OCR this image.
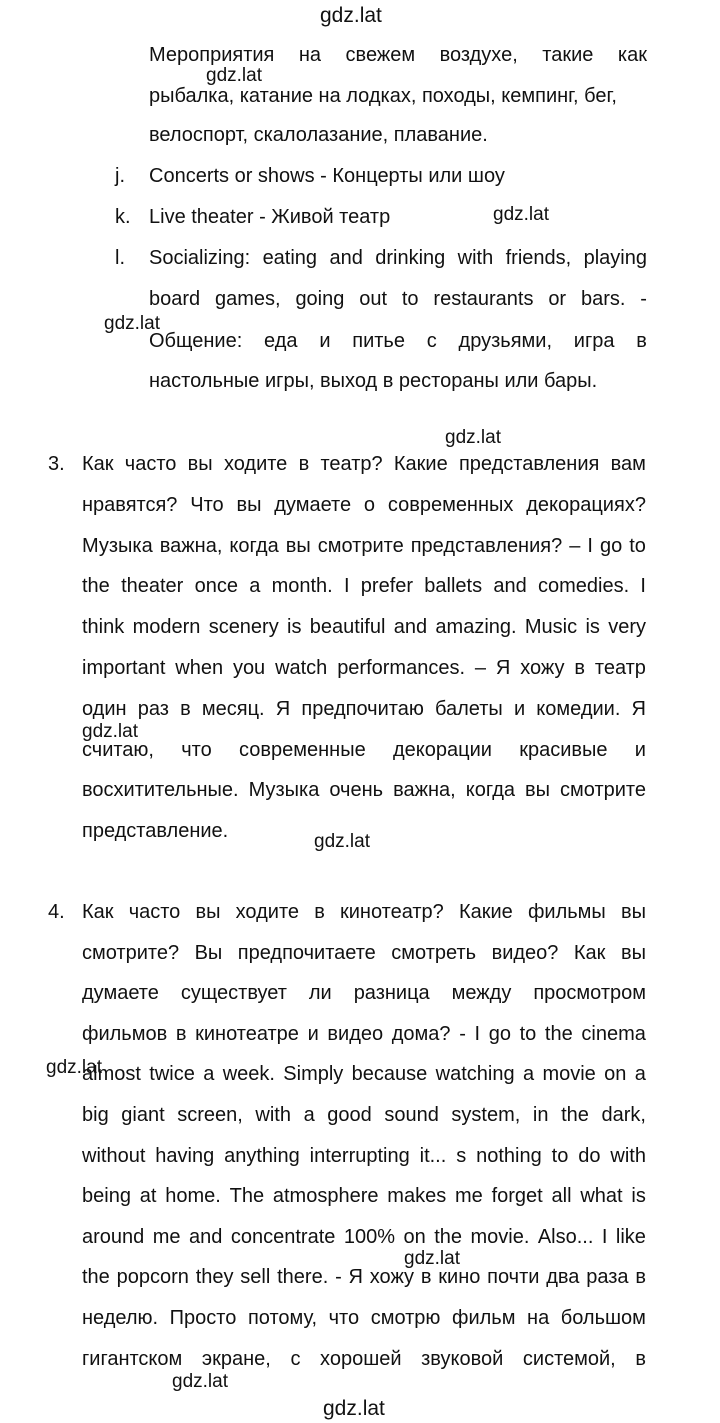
gdz.lat
gdz.lat
gdz.lat
gdz.lat
gdz.lat
gdz.lat
gdz.lat
gdz.lat
gdz.lat
gdz.lat
gdz.lat
Мероприятия на свежем воздухе, такие как
рыбалка, катание на лодках, походы, кемпинг, бег,
велоспорт, скалолазание, плавание.
j. Concerts or shows - Концерты или шоу
k. Live theater - Живой театр
l. Socializing: eating and drinking with friends, playing
board games, going out to restaurants or bars. -
Общение: еда и питье с друзьями, игра в
настольные игры, выход в рестораны или бары.
3. Как часто вы ходите в театр? Какие представления вам
нравятся? Что вы думаете о современных декорациях?
Музыка важна, когда вы смотрите представления? – I go to
the theater once a month. I prefer ballets and comedies. I
think modern scenery is beautiful and amazing. Music is very
important when you watch performances. – Я хожу в театр
один раз в месяц. Я предпочитаю балеты и комедии. Я
считаю, что современные декорации красивые и
восхитительные. Музыка очень важна, когда вы смотрите
представление.
4. Как часто вы ходите в кинотеатр? Какие фильмы вы
смотрите? Вы предпочитаете смотреть видео? Как вы
думаете существует ли разница между просмотром
фильмов в кинотеатре и видео дома? - I go to the cinema
almost twice a week. Simply because watching a movie on a
big giant screen, with a good sound system, in the dark,
without having anything interrupting it... s nothing to do with
being at home. The atmosphere makes me forget all what is
around me and concentrate 100% on the movie. Also... I like
the popcorn they sell there. - Я хожу в кино почти два раза в
неделю. Просто потому, что смотрю фильм на большом
гигантском экране, с хорошей звуковой системой, в
